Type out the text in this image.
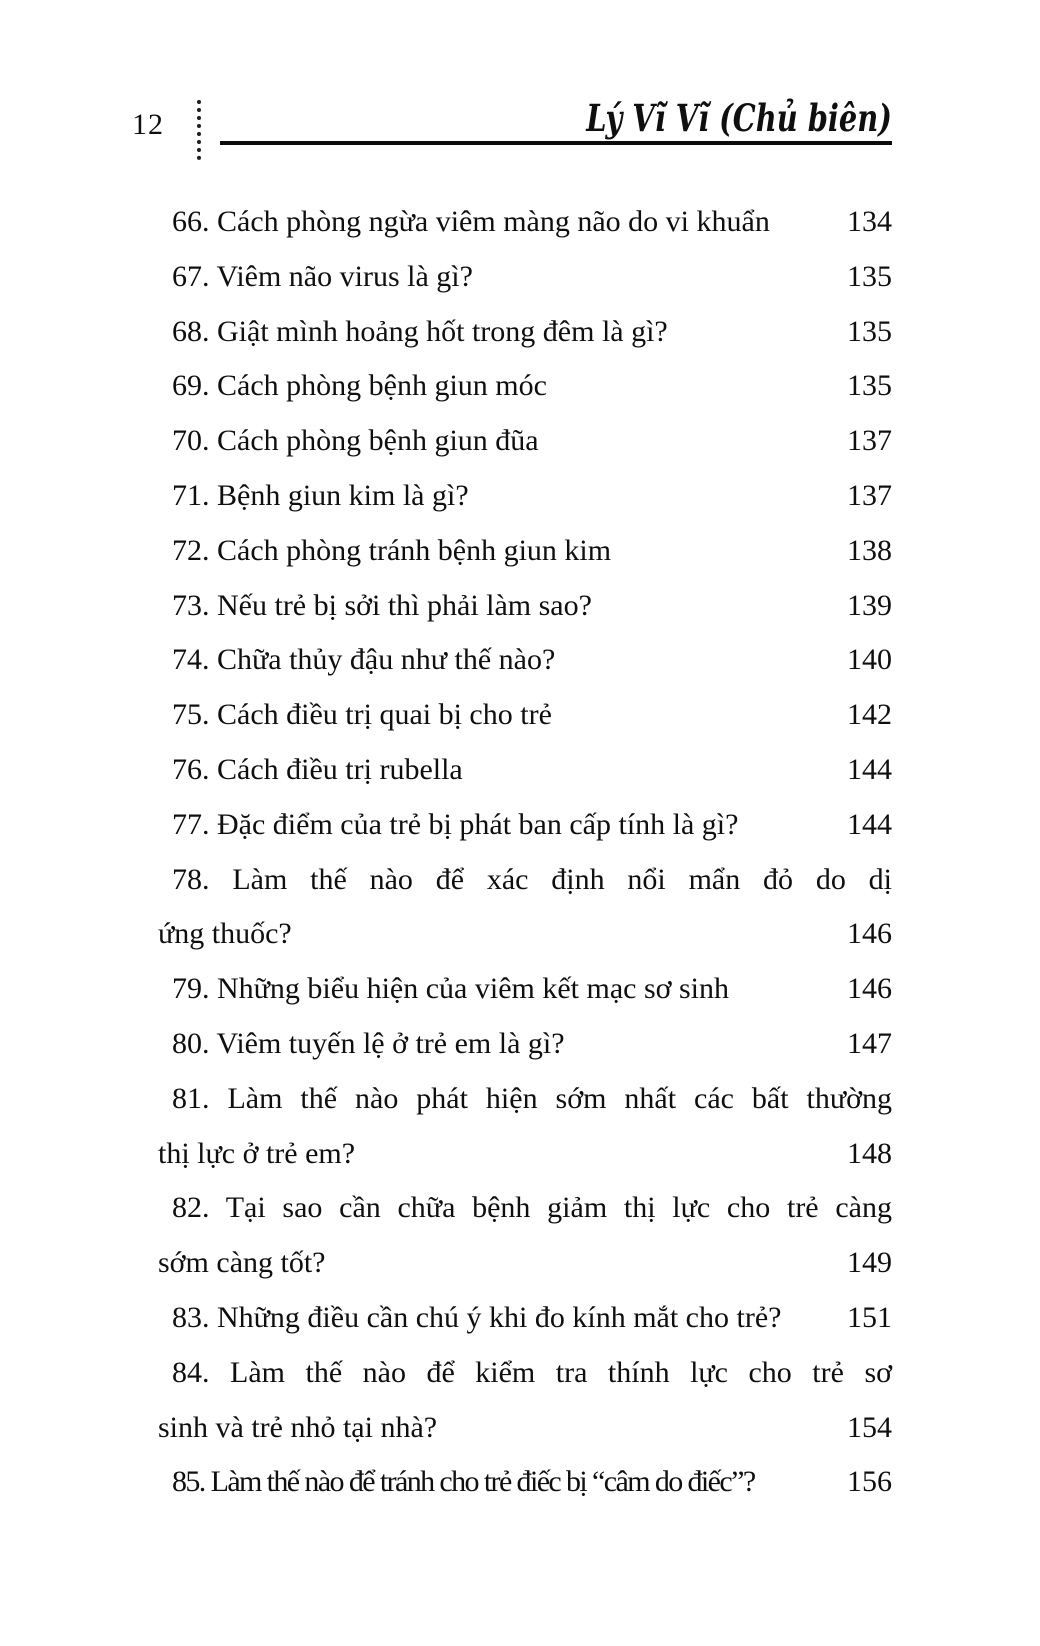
12	Lý Vĩ Vĩ (Chủ biên)
66. Cách phòng ngừa viêm màng não do vi khuẩn	134
67. Viêm não virus là gì?	135
68. Giật mình hoảng hốt trong đêm là gì?	135
69. Cách phòng bệnh giun móc	135
70. Cách phòng bệnh giun đũa	137
71. Bệnh giun kim là gì?	137
72. Cách phòng tránh bệnh giun kim	138
73. Nếu trẻ bị sởi thì phải làm sao?	139
74. Chữa thủy đậu như thế nào?	140
75. Cách điều trị quai bị cho trẻ	142
76. Cách điều trị rubella	144
77. Đặc điểm của trẻ bị phát ban cấp tính là gì?	144
78. Làm thế nào để xác định nổi mẩn đỏ do dị
ứng thuốc?	146
79. Những biểu hiện của viêm kết mạc sơ sinh	146
80. Viêm tuyến lệ ở trẻ em là gì?	147
81. Làm thế nào phát hiện sớm nhất các bất thường
thị lực ở trẻ em?	148
82. Tại sao cần chữa bệnh giảm thị lực cho trẻ càng
sớm càng tốt?	149
83. Những điều cần chú ý khi đo kính mắt cho trẻ? 151
84. Làm thế nào để kiểm tra thính lực cho trẻ sơ
sinh và trẻ nhỏ tại nhà?	154
85. Làm thế nào để tránh cho trẻ điếc bị “câm do điếc”?	156
